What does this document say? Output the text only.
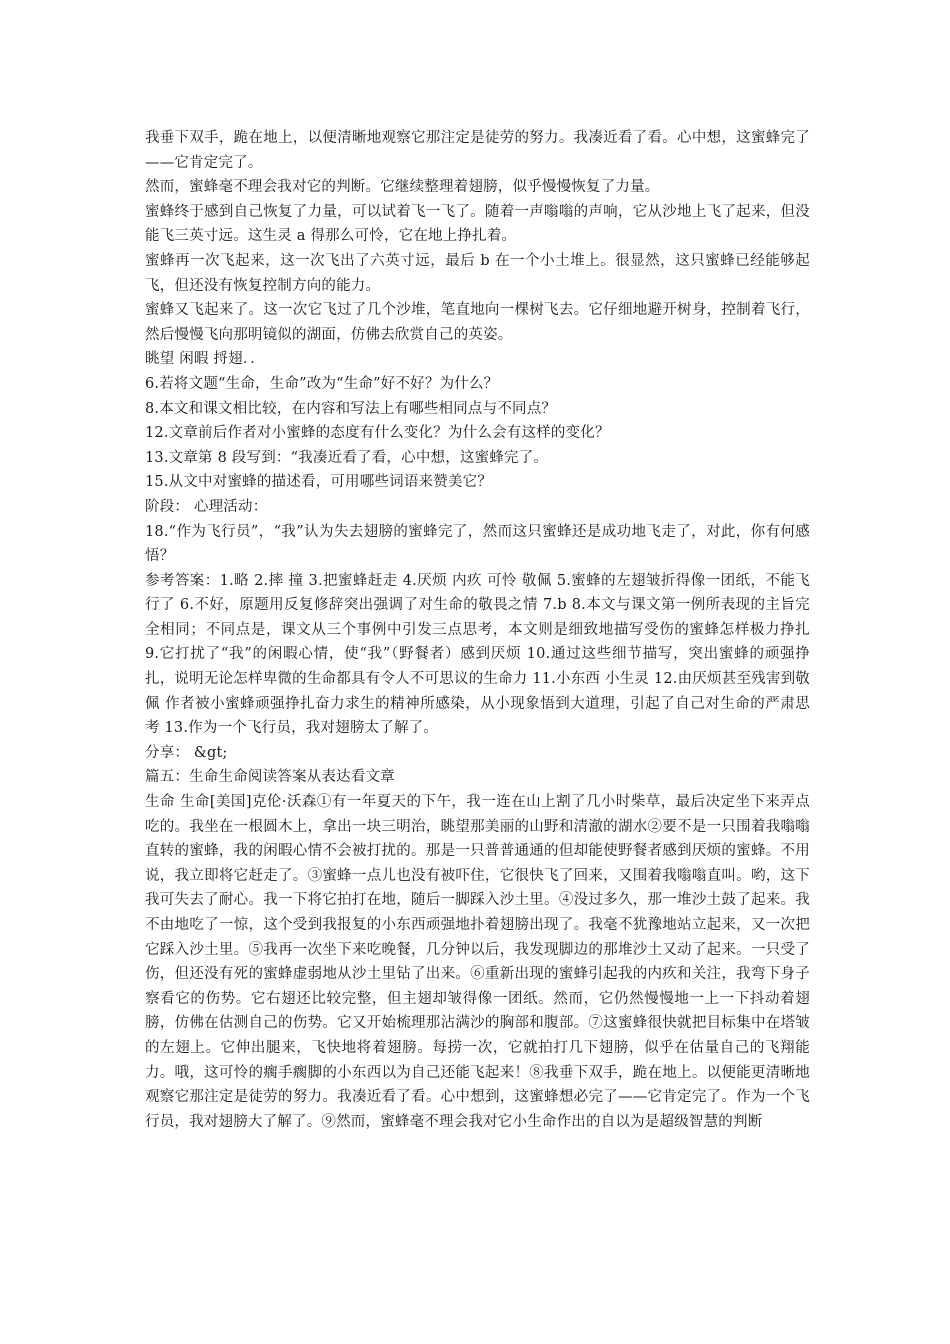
我垂下双手，跪在地上，以便清晰地观察它那注定是徒劳的努力。我凑近看了看。心中想，这蜜蜂完了——它肯定完了。

然而，蜜蜂毫不理会我对它的判断。它继续整理着翅膀，似乎慢慢恢复了力量。

蜜蜂终于感到自己恢复了力量，可以试着飞一飞了。随着一声嗡嗡的声响，它从沙地上飞了起来，但没能飞三英寸远。这生灵 a 得那么可怜，它在地上挣扎着。

蜜蜂再一次飞起来，这一次飞出了六英寸远，最后 b 在一个小土堆上。很显然，这只蜜蜂已经能够起飞，但还没有恢复控制方向的能力。

蜜蜂又飞起来了。这一次它飞过了几个沙堆，笔直地向一棵树飞去。它仔细地避开树身，控制着飞行，然后慢慢飞向那明镜似的湖面，仿佛去欣赏自己的英姿。

眺望 闲暇 捋翅．．

6.若将文题“生命，生命”改为“生命”好不好？为什么？

8.本文和课文相比较，在内容和写法上有哪些相同点与不同点？

12.文章前后作者对小蜜蜂的态度有什么变化？为什么会有这样的变化？

13.文章第 8 段写到：“我凑近看了看，心中想，这蜜蜂完了。

15.从文中对蜜蜂的描述看，可用哪些词语来赞美它？

阶段： 心理活动：

18.“作为飞行员”，“我”认为失去翅膀的蜜蜂完了，然而这只蜜蜂还是成功地飞走了，对此，你有何感悟？

参考答案：1.略 2.摔 撞 3.把蜜蜂赶走 4.厌烦 内疚 可怜 敬佩 5.蜜蜂的左翅皱折得像一团纸，不能飞行了 6.不好，原题用反复修辞突出强调了对生命的敬畏之情 7.b 8.本文与课文第一例所表现的主旨完全相同；不同点是，课文从三个事例中引发三点思考，本文则是细致地描写受伤的蜜蜂怎样极力挣扎 9.它打扰了“我”的闲暇心情，使“我”（野餐者）感到厌烦 10.通过这些细节描写，突出蜜蜂的顽强挣扎，说明无论怎样卑微的生命都具有令人不可思议的生命力 11.小东西 小生灵 12.由厌烦甚至残害到敬佩 作者被小蜜蜂顽强挣扎奋力求生的精神所感染，从小现象悟到大道理，引起了自己对生命的严肃思考 13.作为一个飞行员，我对翅膀太了解了。

分享： &gt;

篇五：生命生命阅读答案从表达看文章

生命 生命[美国]克伦·沃森①有一年夏天的下午，我一连在山上割了几小时柴草，最后决定坐下来弄点吃的。我坐在一根圆木上，拿出一块三明治，眺望那美丽的山野和清澈的湖水②要不是一只围着我嗡嗡直转的蜜蜂，我的闲暇心情不会被打扰的。那是一只普普通通的但却能使野餐者感到厌烦的蜜蜂。不用说，我立即将它赶走了。③蜜蜂一点儿也没有被吓住，它很快飞了回来，又围着我嗡嗡直叫。哟，这下我可失去了耐心。我一下将它拍打在地，随后一脚踩入沙土里。④没过多久，那一堆沙土鼓了起来。我不由地吃了一惊，这个受到我报复的小东西顽强地扑着翅膀出现了。我毫不犹豫地站立起来，又一次把它踩入沙土里。⑤我再一次坐下来吃晚餐，几分钟以后，我发现脚边的那堆沙土又动了起来。一只受了伤，但还没有死的蜜蜂虚弱地从沙土里钻了出来。⑥重新出现的蜜蜂引起我的内疚和关注，我弯下身子察看它的伤势。它右翅还比较完整，但主翅却皱得像一团纸。然而，它仍然慢慢地一上一下抖动着翅膀，仿佛在估测自己的伤势。它又开始梳理那沾满沙的胸部和腹部。⑦这蜜蜂很快就把目标集中在塔皱的左翅上。它伸出腿来，飞快地将着翅膀。每捞一次，它就拍打几下翅膀，似乎在估量自己的飞翔能力。哦，这可怜的瘸手瘸脚的小东西以为自己还能飞起来！⑧我垂下双手，跪在地上。以便能更清晰地观察它那注定是徒劳的努力。我凑近看了看。心中想到，这蜜蜂想必完了——它肯定完了。作为一个飞行员，我对翅膀大了解了。⑨然而，蜜蜂毫不理会我对它小生命作出的自以为是超级智慧的判断
